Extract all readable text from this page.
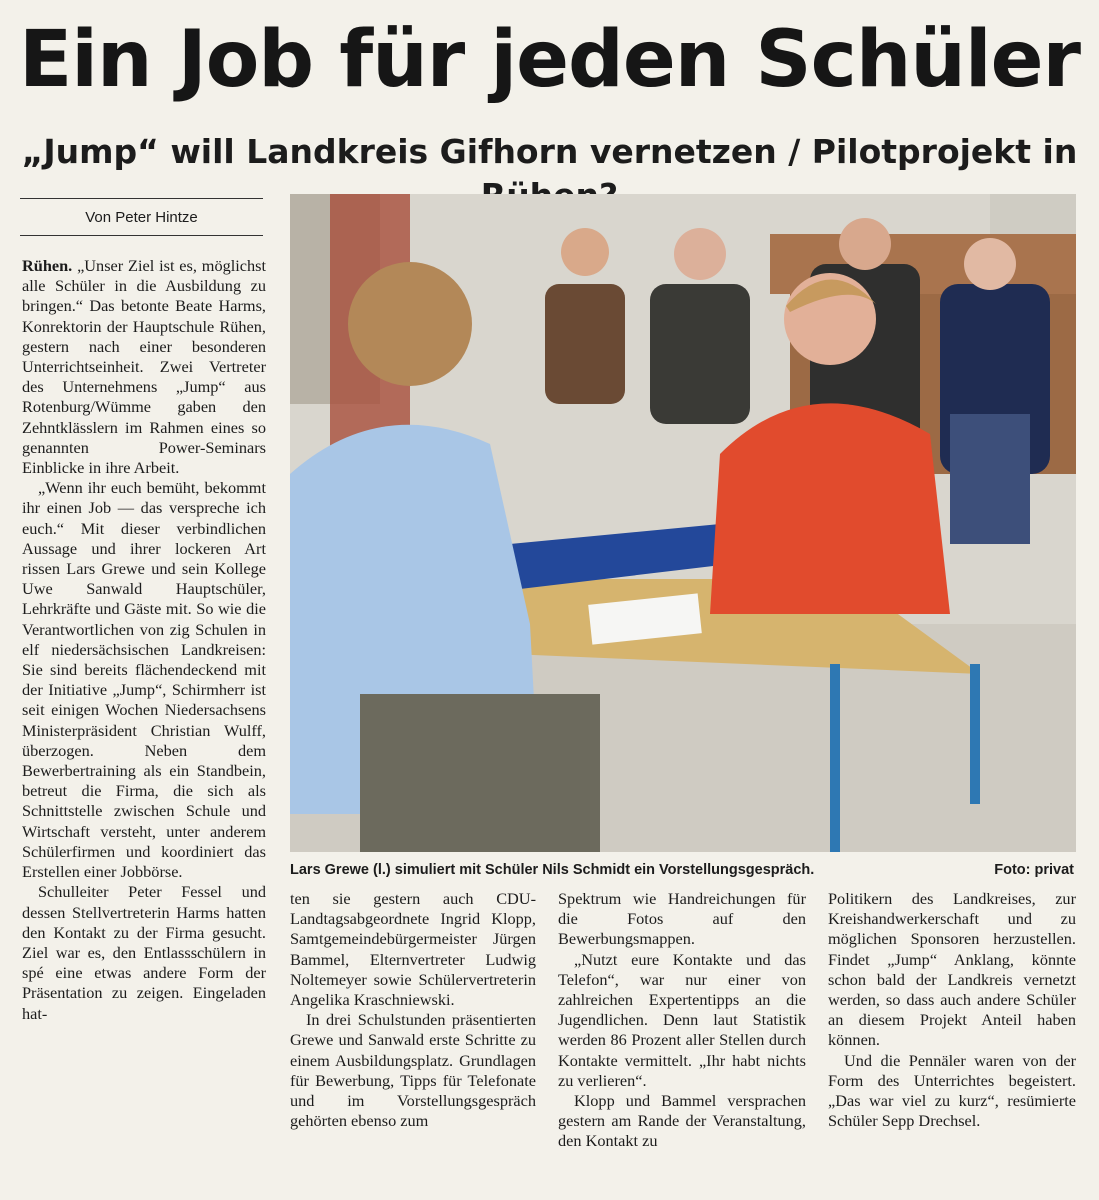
Ein Job für jeden Schüler
„Jump“ will Landkreis Gifhorn vernetzen / Pilotprojekt in
Von Peter Hintze

Rühen. „Unser Ziel ist es, möglichst alle Schüler in die Ausbildung zu bringen.“ Das betonte Beate Harms, Konrektorin der Hauptschule Rühen, gestern nach einer besonderen Unterrichtseinheit. Zwei Vertreter des Unternehmens „Jump“ aus Rotenburg/Wümme gaben den Zehntklässlern im Rahmen eines so genannten Power-Seminars Einblicke in ihre Arbeit.

„Wenn ihr euch bemüht, bekommt ihr einen Job — das verspreche ich euch.“ Mit dieser verbindlichen Aussage und ihrer lockeren Art rissen Lars Grewe und sein Kollege Uwe Sanwald Hauptschüler, Lehrkräfte und Gäste mit. So wie die Verantwortlichen von zig Schulen in elf niedersächsischen Landkreisen: Sie sind bereits flächendeckend mit der Initiative „Jump“, Schirmherr ist seit einigen Wochen Niedersachsens Ministerpräsident Christian Wulff, überzogen. Neben dem Bewerbertraining als ein Standbein, betreut die Firma, die sich als Schnittstelle zwischen Schule und Wirtschaft versteht, unter anderem Schülerfirmen und koordiniert das Erstellen einer Jobbörse.

Schulleiter Peter Fessel und dessen Stellvertreterin Harms hatten den Kontakt zu der Firma gesucht. Ziel war es, den Entlassschülern in spé eine etwas andere Form der Präsentation zu zeigen. Eingeladen hat-

Lars Grewe (l.) simuliert mit Schüler Nils Schmidt ein Vorstellungsgespräch.	Foto: privat

ten sie gestern auch CDU-Landtagsabgeordnete Ingrid Klopp, Samtgemeindebürgermeister Jürgen Bammel, Elternvertreter Ludwig Noltemeyer sowie Schülervertreterin Angelika Kraschniewski.

In drei Schulstunden präsentierten Grewe und Sanwald erste Schritte zu einem Ausbildungsplatz. Grundlagen für Bewerbung, Tipps für Telefonate und im Vorstellungsgespräch gehörten ebenso zum

Spektrum wie Handreichungen für die Fotos auf den Bewerbungsmappen.

„Nutzt eure Kontakte und das Telefon“, war nur einer von zahlreichen Expertentipps an die Jugendlichen. Denn laut Statistik werden 86 Prozent aller Stellen durch Kontakte vermittelt. „Ihr habt nichts zu verlieren“.

Klopp und Bammel versprachen gestern am Rande der Veranstaltung, den Kontakt zu

Politikern des Landkreises, zur Kreishandwerkerschaft und zu möglichen Sponsoren herzustellen. Findet „Jump“ Anklang, könnte schon bald der Landkreis vernetzt werden, so dass auch andere Schüler an diesem Projekt Anteil haben können.

Und die Pennäler waren von der Form des Unterrichtes begeistert. „Das war viel zu kurz“, resümierte Schüler Sepp Drechsel.
